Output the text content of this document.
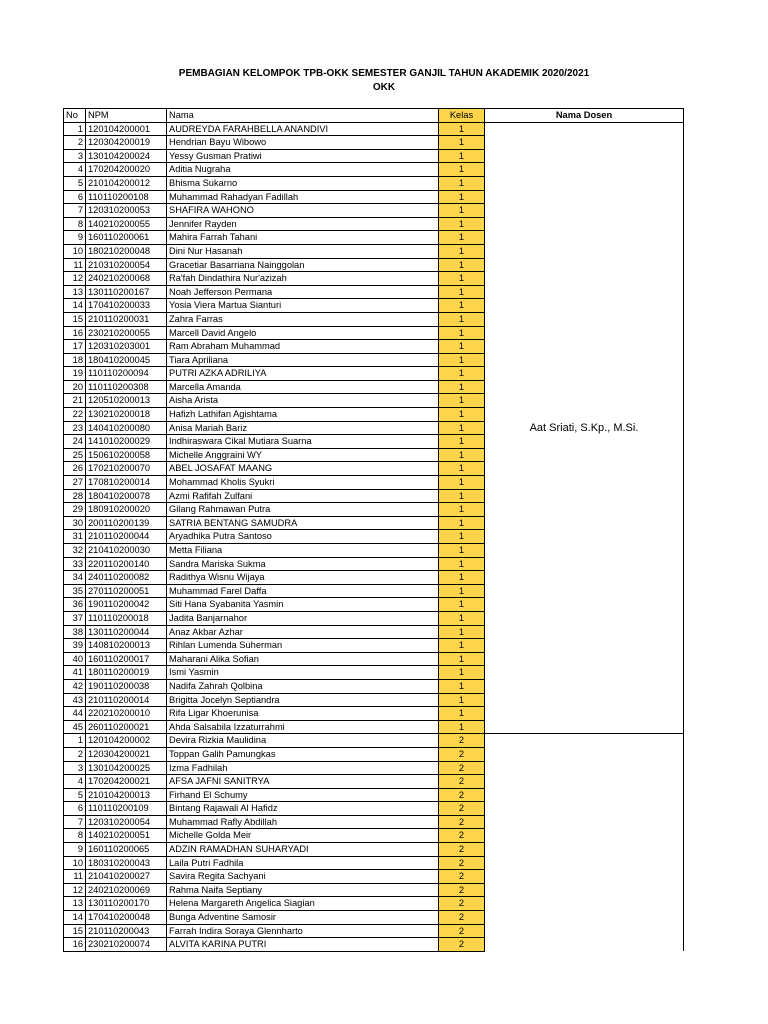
PEMBAGIAN KELOMPOK TPB-OKK SEMESTER GANJIL TAHUN AKADEMIK 2020/2021
OKK
No	NPM	Nama	Kelas	Nama Dosen
1	120104200001	AUDREYDA FARAHBELLA ANANDIVI	1	Aat Sriati, S.Kp., M.Si.
2	120304200019	Hendrian Bayu Wibowo	1	
3	130104200024	Yessy Gusman Pratiwi	1	
4	170204200020	Aditia Nugraha	1	
5	210104200012	Bhisma Sukarno	1	
6	110110200108	Muhammad Rahadyan Fadillah	1	
7	120310200053	SHAFIRA WAHONO	1	
8	140210200055	Jennifer Rayden	1	
9	160110200061	Mahira Farrah Tahani	1	
10	180210200048	Dini Nur Hasanah	1	
11	210310200054	Gracetiar Basarriana Nainggolan	1	
12	240210200068	Ra'fah Dindathira Nur'azizah	1	
13	130110200167	Noah Jefferson Permana	1	
14	170410200033	Yosia Viera Martua Sianturi	1	
15	210110200031	Zahra Farras	1	
16	230210200055	Marcell David Angelo	1	
17	120310203001	Ram Abraham Muhammad	1	
18	180410200045	Tiara Apriliana	1	
19	110110200094	PUTRI AZKA ADRILIYA	1	
20	110110200308	Marcella Amanda	1	
21	120510200013	Aisha Arista	1	
22	130210200018	Hafizh Lathifan Agishtama	1	
23	140410200080	Anisa Mariah Bariz	1	
24	141010200029	Indhiraswara Cikal Mutiara Suarna	1	
25	150610200058	Michelle Anggraini WY	1	
26	170210200070	ABEL JOSAFAT MAANG	1	
27	170810200014	Mohammad Kholis Syukri	1	
28	180410200078	Azmi Rafifah Zulfani	1	
29	180910200020	Gilang Rahmawan Putra	1	
30	200110200139	SATRIA BENTANG SAMUDRA	1	
31	210110200044	Aryadhika Putra Santoso	1	
32	210410200030	Metta Filiana	1	
33	220110200140	Sandra Mariska Sukma	1	
34	240110200082	Radithya Wisnu Wijaya	1	
35	270110200051	Muhammad Farel Daffa	1	
36	190110200042	Siti Hana Syabanita Yasmin	1	
37	110110200018	Jadita Banjarnahor	1	
38	130110200044	Anaz Akbar Azhar	1	
39	140810200013	Rihlan Lumenda Suherman	1	
40	160110200017	Maharani Alika Sofian	1	
41	180110200019	Ismi Yasmin	1	
42	190110200038	Nadifa Zahrah Qolbina	1	
43	210110200014	Brigitta Jocelyn Septiandra	1	
44	220210200010	Rifa Ligar Khoerunisa	1	
45	260110200021	Ahda Salsabila Izzaturrahmi	1	
1	120104200002	Devira Rizkia Maulidina	2	
2	120304200021	Toppan Galih Pamungkas	2	
3	130104200025	Izma Fadhilah	2	
4	170204200021	AFSA JAFNI SANITRYA	2	
5	210104200013	Firhand El Schumy	2	
6	110110200109	Bintang Rajawali Al Hafidz	2	
7	120310200054	Muhammad Rafly Abdillah	2	
8	140210200051	Michelle Golda Meir	2	
9	160110200065	ADZIN RAMADHAN SUHARYADI	2	
10	180310200043	Laila Putri Fadhila	2	
11	210410200027	Savira Regita Sachyani	2	
12	240210200069	Rahma Naifa Septiany	2	
13	130110200170	Helena Margareth Angelica Siagian	2	
14	170410200048	Bunga Adventine Samosir	2	
15	210110200043	Farrah Indira Soraya Glennharto	2	
16	230210200074	ALVITA KARINA PUTRI	2	
